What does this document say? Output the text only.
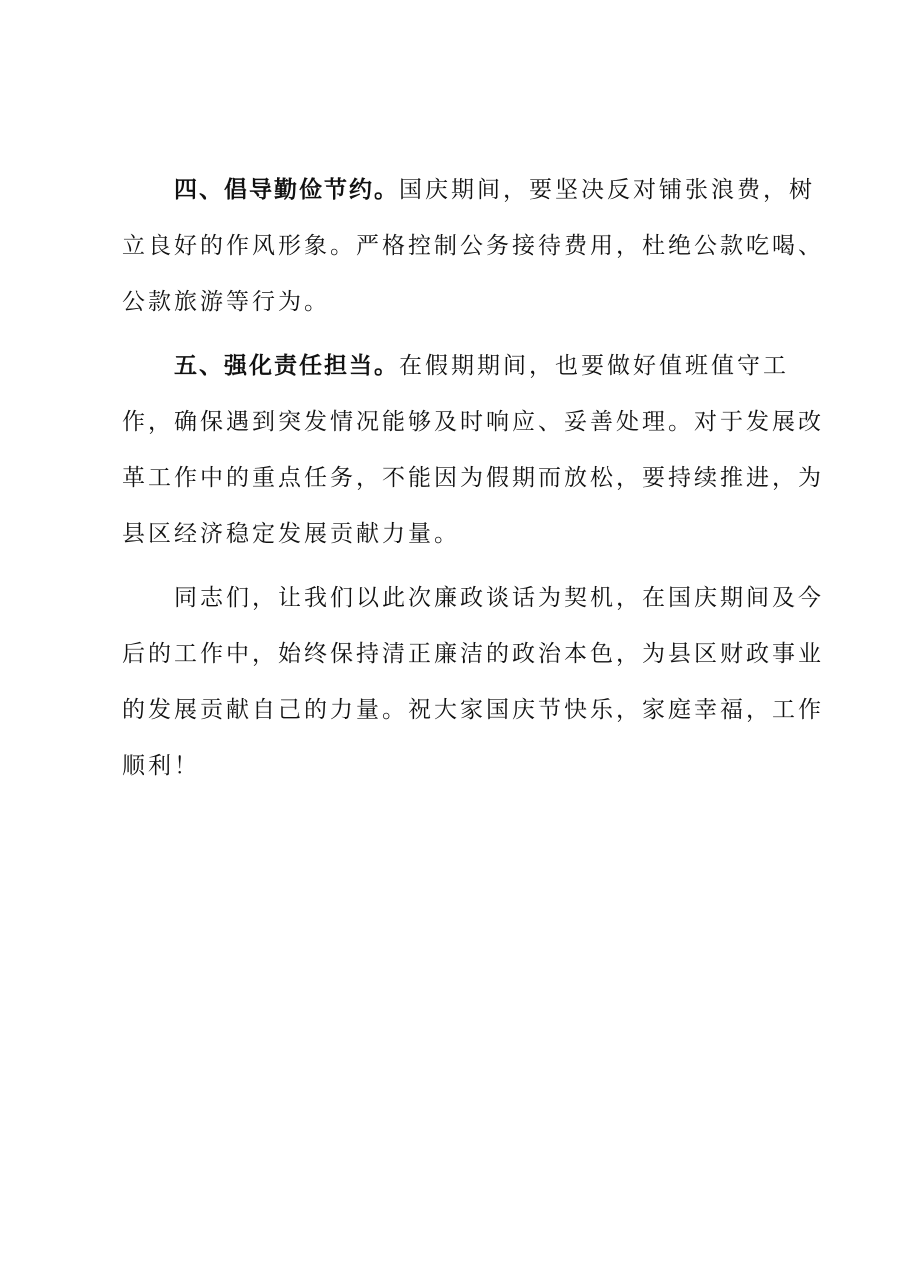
四、倡导勤俭节约。国庆期间，要坚决反对铺张浪费，树
立良好的作风形象。严格控制公务接待费用，杜绝公款吃喝、
公款旅游等行为。
五、强化责任担当。在假期期间，也要做好值班值守工
作，确保遇到突发情况能够及时响应、妥善处理。对于发展改
革工作中的重点任务，不能因为假期而放松，要持续推进，为
县区经济稳定发展贡献力量。
同志们，让我们以此次廉政谈话为契机，在国庆期间及今
后的工作中，始终保持清正廉洁的政治本色，为县区财政事业
的发展贡献自己的力量。祝大家国庆节快乐，家庭幸福，工作
顺利！
